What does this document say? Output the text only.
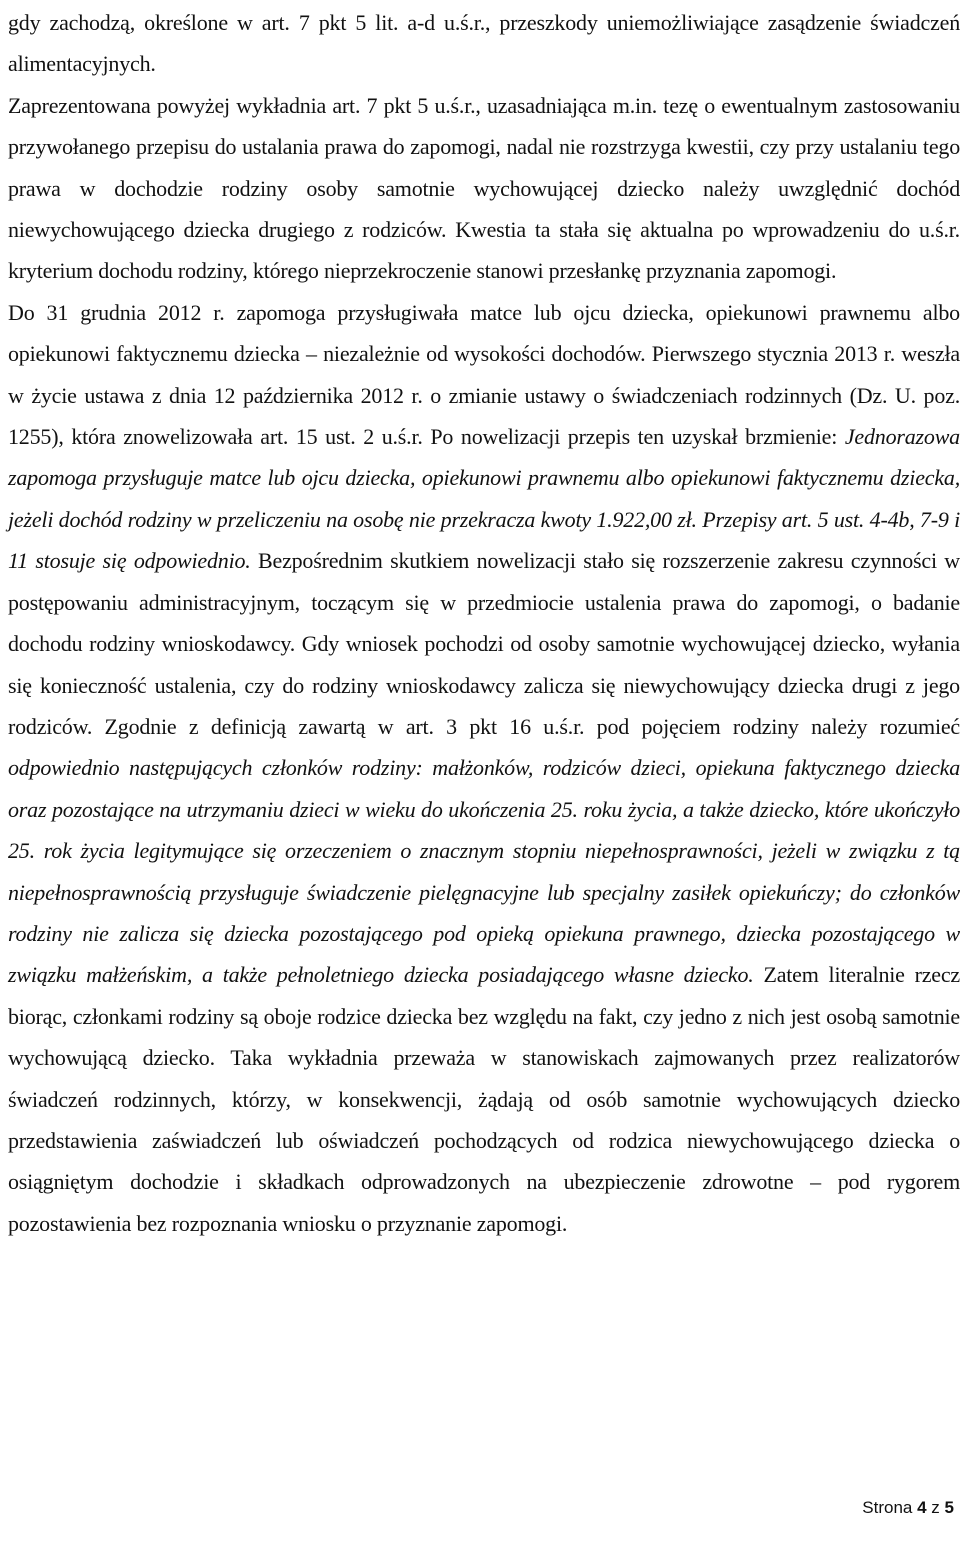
gdy zachodzą, określone w art. 7 pkt 5 lit. a-d u.ś.r., przeszkody uniemożliwiające zasądzenie świadczeń alimentacyjnych.

Zaprezentowana powyżej wykładnia art. 7 pkt 5 u.ś.r., uzasadniająca m.in. tezę o ewentualnym zastosowaniu przywołanego przepisu do ustalania prawa do zapomogi, nadal nie rozstrzyga kwestii, czy przy ustalaniu tego prawa w dochodzie rodziny osoby samotnie wychowującej dziecko należy uwzględnić dochód niewychowującego dziecka drugiego z rodziców. Kwestia ta stała się aktualna po wprowadzeniu do u.ś.r. kryterium dochodu rodziny, którego nieprzekroczenie stanowi przesłankę przyznania zapomogi.

Do 31 grudnia 2012 r. zapomoga przysługiwała matce lub ojcu dziecka, opiekunowi prawnemu albo opiekunowi faktycznemu dziecka – niezależnie od wysokości dochodów. Pierwszego stycznia 2013 r. weszła w życie ustawa z dnia 12 października 2012 r. o zmianie ustawy o świadczeniach rodzinnych (Dz. U. poz. 1255), która znowelizowała art. 15 ust. 2 u.ś.r. Po nowelizacji przepis ten uzyskał brzmienie: Jednorazowa zapomoga przysługuje matce lub ojcu dziecka, opiekunowi prawnemu albo opiekunowi faktycznemu dziecka, jeżeli dochód rodziny w przeliczeniu na osobę nie przekracza kwoty 1.922,00 zł. Przepisy art. 5 ust. 4-4b, 7-9 i 11 stosuje się odpowiednio. Bezpośrednim skutkiem nowelizacji stało się rozszerzenie zakresu czynności w postępowaniu administracyjnym, toczącym się w przedmiocie ustalenia prawa do zapomogi, o badanie dochodu rodziny wnioskodawcy. Gdy wniosek pochodzi od osoby samotnie wychowującej dziecko, wyłania się konieczność ustalenia, czy do rodziny wnioskodawcy zalicza się niewychowujący dziecka drugi z jego rodziców. Zgodnie z definicją zawartą w art. 3 pkt 16 u.ś.r. pod pojęciem rodziny należy rozumieć odpowiednio następujących członków rodziny: małżonków, rodziców dzieci, opiekuna faktycznego dziecka oraz pozostające na utrzymaniu dzieci w wieku do ukończenia 25. roku życia, a także dziecko, które ukończyło 25. rok życia legitymujące się orzeczeniem o znacznym stopniu niepełnosprawności, jeżeli w związku z tą niepełnosprawnością przysługuje świadczenie pielęgnacyjne lub specjalny zasiłek opiekuńczy; do członków rodziny nie zalicza się dziecka pozostającego pod opieką opiekuna prawnego, dziecka pozostającego w związku małżeńskim, a także pełnoletniego dziecka posiadającego własne dziecko. Zatem literalnie rzecz biorąc, członkami rodziny są oboje rodzice dziecka bez względu na fakt, czy jedno z nich jest osobą samotnie wychowującą dziecko. Taka wykładnia przeważa w stanowiskach zajmowanych przez realizatorów świadczeń rodzinnych, którzy, w konsekwencji, żądają od osób samotnie wychowujących dziecko przedstawienia zaświadczeń lub oświadczeń pochodzących od rodzica niewychowującego dziecka o osiągniętym dochodzie i składkach odprowadzonych na ubezpieczenie zdrowotne – pod rygorem pozostawienia bez rozpoznania wniosku o przyznanie zapomogi.

Strona 4 z 5
